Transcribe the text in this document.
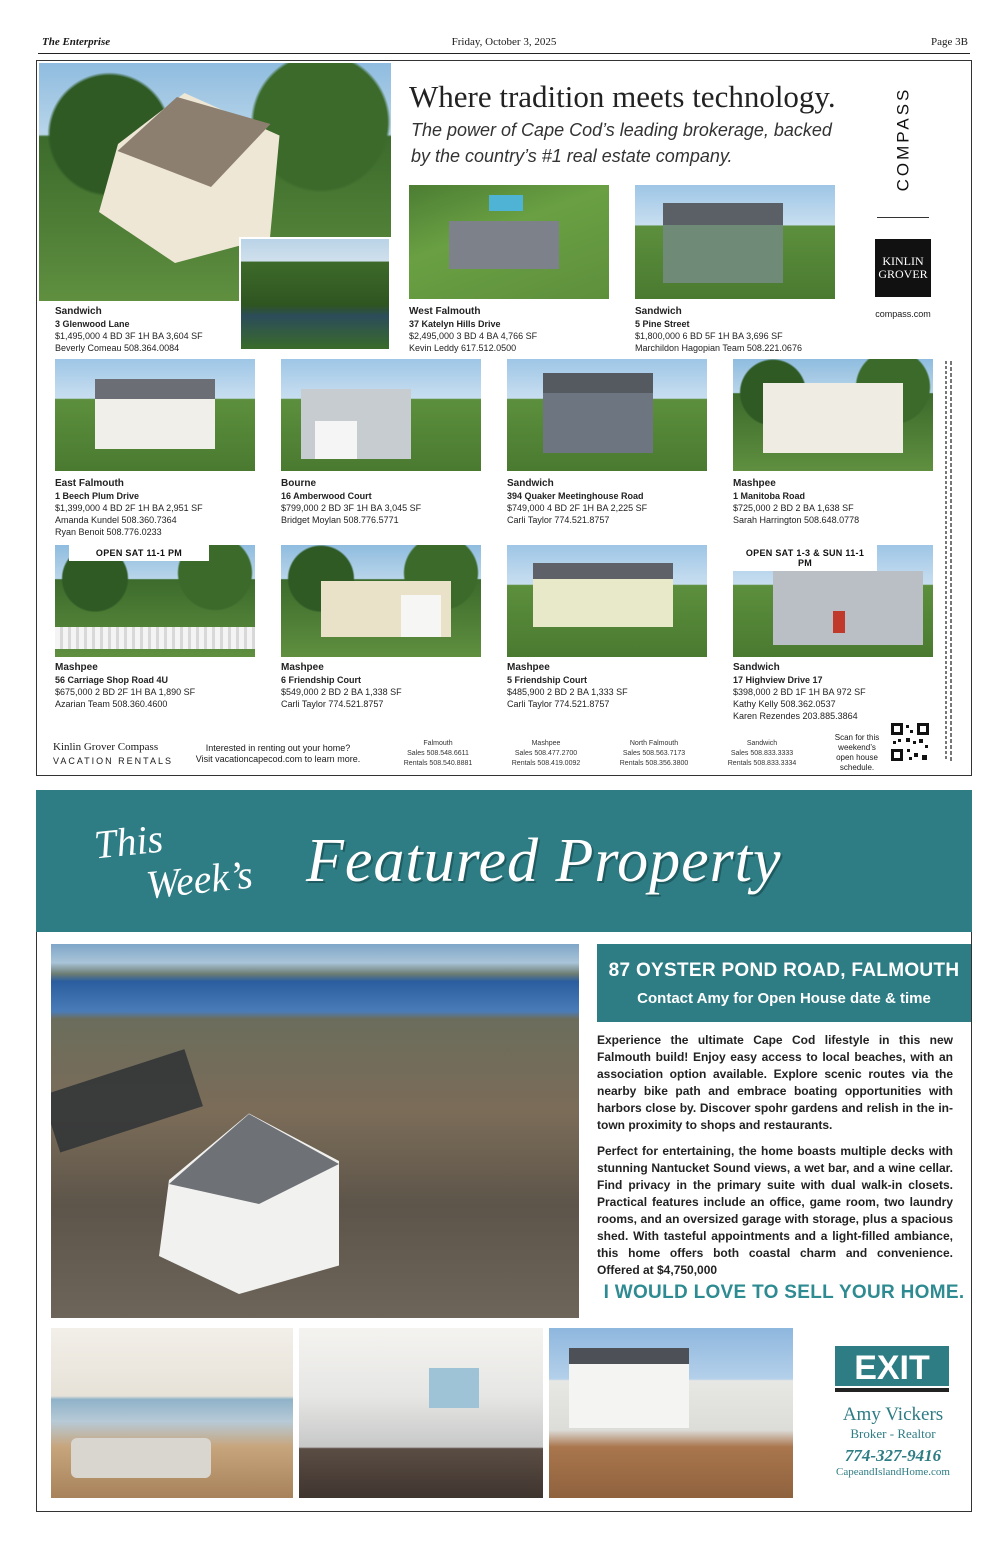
The Enterprise	Friday, October 3, 2025	Page 3B
Sandwich
3 Glenwood Lane
$1,495,000 4 BD 3F 1H BA 3,604 SF
Beverly Comeau 508.364.0084
Where tradition meets technology.
The power of Cape Cod’s leading brokerage, backed by the country’s #1 real estate company.	COMPASS
KINLIN GROVER
compass.com
West Falmouth
37 Katelyn Hills Drive
$2,495,000 3 BD 4 BA 4,766 SF
Kevin Leddy 617.512.0500
Sandwich
5 Pine Street
$1,800,000 6 BD 5F 1H BA 3,696 SF
Marchildon Hagopian Team 508.221.0676
East Falmouth
1 Beech Plum Drive
$1,399,000 4 BD 2F 1H BA 2,951 SF
Amanda Kundel 508.360.7364
Ryan Benoit 508.776.0233
Bourne
16 Amberwood Court
$799,000 2 BD 3F 1H BA 3,045 SF
Bridget Moylan 508.776.5771
Sandwich
394 Quaker Meetinghouse Road
$749,000 4 BD 2F 1H BA 2,225 SF
Carli Taylor 774.521.8757
Mashpee
1 Manitoba Road
$725,000 2 BD 2 BA 1,638 SF
Sarah Harrington 508.648.0778
OPEN SAT 11-1 PM	OPEN SAT 1-3 & SUN 11-1 PM
Mashpee
56 Carriage Shop Road 4U
$675,000 2 BD 2F 1H BA 1,890 SF
Azarian Team 508.360.4600
Mashpee
6 Friendship Court
$549,000 2 BD 2 BA 1,338 SF
Carli Taylor 774.521.8757
Mashpee
5 Friendship Court
$485,900 2 BD 2 BA 1,333 SF
Carli Taylor 774.521.8757
Sandwich
17 Highview Drive 17
$398,000 2 BD 1F 1H BA 972 SF
Kathy Kelly 508.362.0537
Karen Rezendes 203.885.3864
Kinlin Grover Compass
VACATION RENTALS
Interested in renting out your home?
Visit vacationcapecod.com to learn more.
Falmouth
Sales 508.548.6611
Rentals 508.540.8881
Mashpee
Sales 508.477.2700
Rentals 508.419.0092
North Falmouth
Sales 508.563.7173
Rentals 508.356.3800
Sandwich
Sales 508.833.3333
Rentals 508.833.3334
Scan for this weekend’s open house schedule.
This
Week’s Featured Property
87 OYSTER POND ROAD, FALMOUTH
Contact Amy for Open House date & time

Experience the ultimate Cape Cod lifestyle in this new Falmouth build! Enjoy easy access to local beaches, with an association option available. Explore scenic routes via the nearby bike path and embrace boating opportunities with harbors close by. Discover spohr gardens and relish in the in-town proximity to shops and restaurants.

Perfect for entertaining, the home boasts multiple decks with stunning Nantucket Sound views, a wet bar, and a wine cellar. Find privacy in the primary suite with dual walk-in closets. Practical features include an office, game room, two laundry rooms, and an oversized garage with storage, plus a spacious shed. With tasteful appointments and a light-filled ambiance, this home offers both coastal charm and convenience. Offered at $4,750,000

I WOULD LOVE TO SELL YOUR HOME.
EXIT
Amy Vickers
Broker - Realtor
774-327-9416
CapeandIslandHome.com
